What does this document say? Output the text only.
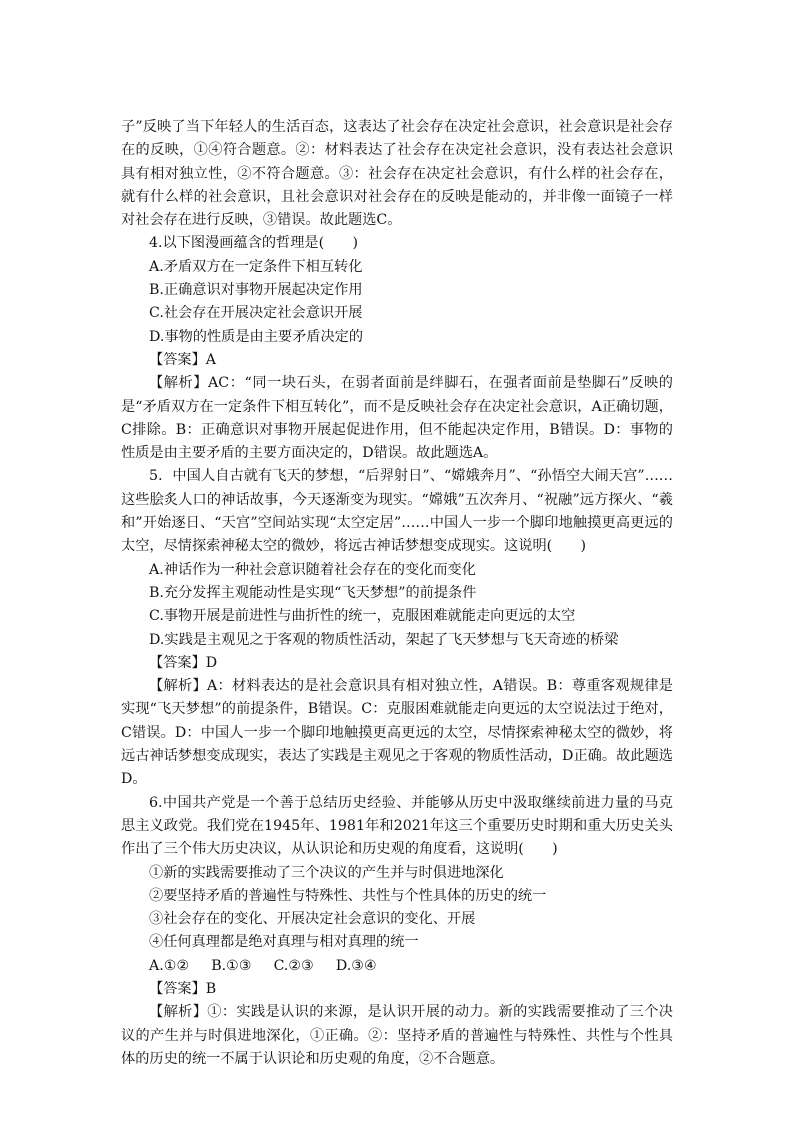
子”反映了当下年轻人的生活百态，这表达了社会存在决定社会意识，社会意识是社会存在的反映，①④符合题意。②：材料表达了社会存在决定社会意识，没有表达社会意识具有相对独立性，②不符合题意。③：社会存在决定社会意识，有什么样的社会存在，就有什么样的社会意识，且社会意识对社会存在的反映是能动的，并非像一面镜子一样对社会存在进行反映，③错误。故此题选C。

4.以下图漫画蕴含的哲理是(　　)

A.矛盾双方在一定条件下相互转化

B.正确意识对事物开展起决定作用

C.社会存在开展决定社会意识开展

D.事物的性质是由主要矛盾决定的

【答案】A

【解析】AC：“同一块石头，在弱者面前是绊脚石，在强者面前是垫脚石”反映的是“矛盾双方在一定条件下相互转化”，而不是反映社会存在决定社会意识，A正确切题，C排除。B：正确意识对事物开展起促进作用，但不能起决定作用，B错误。D：事物的性质是由主要矛盾的主要方面决定的，D错误。故此题选A。

5．中国人自古就有飞天的梦想，“后羿射日”、“嫦娥奔月”、“孙悟空大闹天宫”……这些脍炙人口的神话故事，今天逐渐变为现实。“嫦娥”五次奔月、“祝融”远方探火、“羲和”开始逐日、“天宫”空间站实现“太空定居”……中国人一步一个脚印地触摸更高更远的太空，尽情探索神秘太空的微妙，将远古神话梦想变成现实。这说明(　　)

A.神话作为一种社会意识随着社会存在的变化而变化

B.充分发挥主观能动性是实现“飞天梦想”的前提条件

C.事物开展是前进性与曲折性的统一，克服困难就能走向更远的太空

D.实践是主观见之于客观的物质性活动，架起了飞天梦想与飞天奇迹的桥梁

【答案】D

【解析】A：材料表达的是社会意识具有相对独立性，A错误。B：尊重客观规律是实现“飞天梦想”的前提条件，B错误。C：克服困难就能走向更远的太空说法过于绝对，C错误。D：中国人一步一个脚印地触摸更高更远的太空，尽情探索神秘太空的微妙，将远古神话梦想变成现实，表达了实践是主观见之于客观的物质性活动，D正确。故此题选D。

6.中国共产党是一个善于总结历史经验、并能够从历史中汲取继续前进力量的马克思主义政党。我们党在1945年、1981年和2021年这三个重要历史时期和重大历史关头作出了三个伟大历史决议，从认识论和历史观的角度看，这说明(　　)

①新的实践需要推动了三个决议的产生并与时俱进地深化

②要坚持矛盾的普遍性与特殊性、共性与个性具体的历史的统一

③社会存在的变化、开展决定社会意识的变化、开展

④任何真理都是绝对真理与相对真理的统一

A.①② B.①③ C.②③ D.③④

【答案】B

【解析】①：实践是认识的来源，是认识开展的动力。新的实践需要推动了三个决议的产生并与时俱进地深化，①正确。②：坚持矛盾的普遍性与特殊性、共性与个性具体的历史的统一不属于认识论和历史观的角度，②不合题意。
